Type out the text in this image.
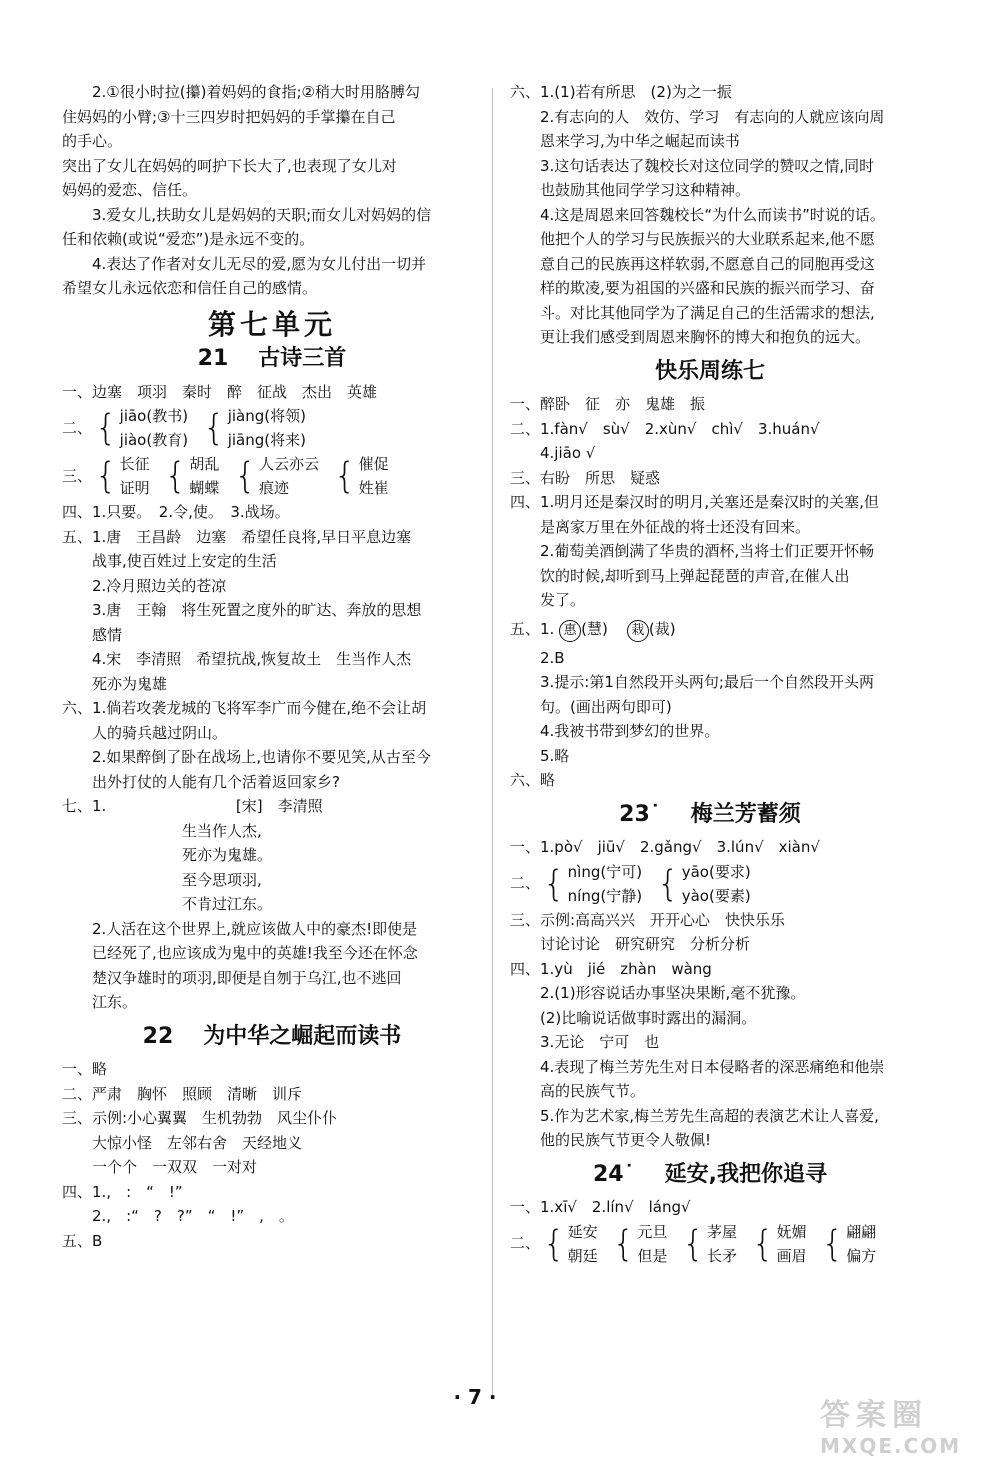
2.①很小时拉(攥)着妈妈的食指;②稍大时用胳膊勾

住妈妈的小臂;③十三四岁时把妈妈的手掌攥在自己

的手心。

突出了女儿在妈妈的呵护下长大了,也表现了女儿对

妈妈的爱恋、信任。

3.爱女儿,扶助女儿是妈妈的天职;而女儿对妈妈的信

任和依赖(或说“爱恋”)是永远不变的。

4.表达了作者对女儿无尽的爱,愿为女儿付出一切并

希望女儿永远依恋和信任自己的感情。

第七单元
21 古诗三首

一、边塞　项羽　秦时　醉　征战　杰出　英雄

二、 { jiāo(教书)
jiào(教育) { jiàng(将领)
jiāng(将来)
三、 { 长征
证明 { 胡乱
蝴蝶 { 人云亦云
痕迹	{ 催促
姓崔

四、1.只要。　2.令,使。　3.战场。

五、1.唐　王昌龄　边塞　希望任良将,早日平息边塞

战事,使百姓过上安定的生活

2.冷月照边关的苍凉

3.唐　王翰　将生死置之度外的旷达、奔放的思想

感情

4.宋　李清照　希望抗战,恢复故土　生当作人杰

死亦为鬼雄

六、1.倘若攻袭龙城的飞将军李广而今健在,绝不会让胡

人的骑兵越过阴山。

2.如果醉倒了卧在战场上,也请你不要见笑,从古至今

出外打仗的人能有几个活着返回家乡?

七、1.	[宋]　李清照

生当作人杰,

死亦为鬼雄。

至今思项羽,

不肯过江东。

2.人活在这个世界上,就应该做人中的豪杰!即使是

已经死了,也应该成为鬼中的英雄!我至今还在怀念

楚汉争雄时的项羽,即便是自刎于乌江,也不逃回

江东。

22 为中华之崛起而读书

一、略

二、严肃　胸怀　照顾　清晰　训斥

三、示例:小心翼翼　生机勃勃　风尘仆仆

大惊小怪　左邻右舍　天经地义

一个个　一双双　一对对

四、1.,　:　“　!”

2.,　:“　?　?”　“　!”　,　。

五、B

六、1.(1)若有所思　(2)为之一振

2.有志向的人　效仿、学习　有志向的人就应该向周

恩来学习,为中华之崛起而读书

3.这句话表达了魏校长对这位同学的赞叹之情,同时

也鼓励其他同学学习这种精神。

4.这是周恩来回答魏校长“为什么而读书”时说的话。

他把个人的学习与民族振兴的大业联系起来,他不愿

意自己的民族再这样软弱,不愿意自己的同胞再受这

样的欺凌,要为祖国的兴盛和民族的振兴而学习、奋

斗。对比其他同学为了满足自己的生活需求的想法,

更让我们感受到周恩来胸怀的博大和抱负的远大。

快乐周练七

一、醉卧　征　亦　鬼雄　振

二、1.fàn√　sù√　2.xùn√　chì√　3.huán√

4.jiāo √

三、右盼　所思　疑惑

四、1.明月还是秦汉时的明月,关塞还是秦汉时的关塞,但

是离家万里在外征战的将士还没有回来。

2.葡萄美酒倒满了华贵的酒杯,当将士们正要开怀畅

饮的时候,却听到马上弹起琵琶的声音,在催人出

发了。

五、1. 惠 (慧) 栽 (裁)

2.B

3.提示:第1自然段开头两句;最后一个自然段开头两

句。(画出两句即可)

4.我被书带到梦幻的世界。

5.略

六、略

23˙ 梅兰芳蓄须

一、1.pò√　jiū√　2.gǎng√　3.lún√　xiàn√

二、 { nìng(宁可)
níng(宁静) { yāo(要求)
yào(要素)

三、示例:高高兴兴　开开心心　快快乐乐

讨论讨论　研究研究　分析分析

四、1.yù　jié　zhàn　wàng

2.(1)形容说话办事坚决果断,毫不犹豫。

(2)比喻说话做事时露出的漏洞。

3.无论　宁可　也

4.表现了梅兰芳先生对日本侵略者的深恶痛绝和他崇

高的民族气节。

5.作为艺术家,梅兰芳先生高超的表演艺术让人喜爱,

他的民族气节更令人敬佩!

24˙ 延安,我把你追寻

一、1.xī√　2.lín√　láng√

二、 { 延安
朝廷 { 元旦
但是 { 茅屋
长矛 { 妩媚
画眉 { 翩翩
偏方
· 7 ·
答案圈
MXQE.COM
